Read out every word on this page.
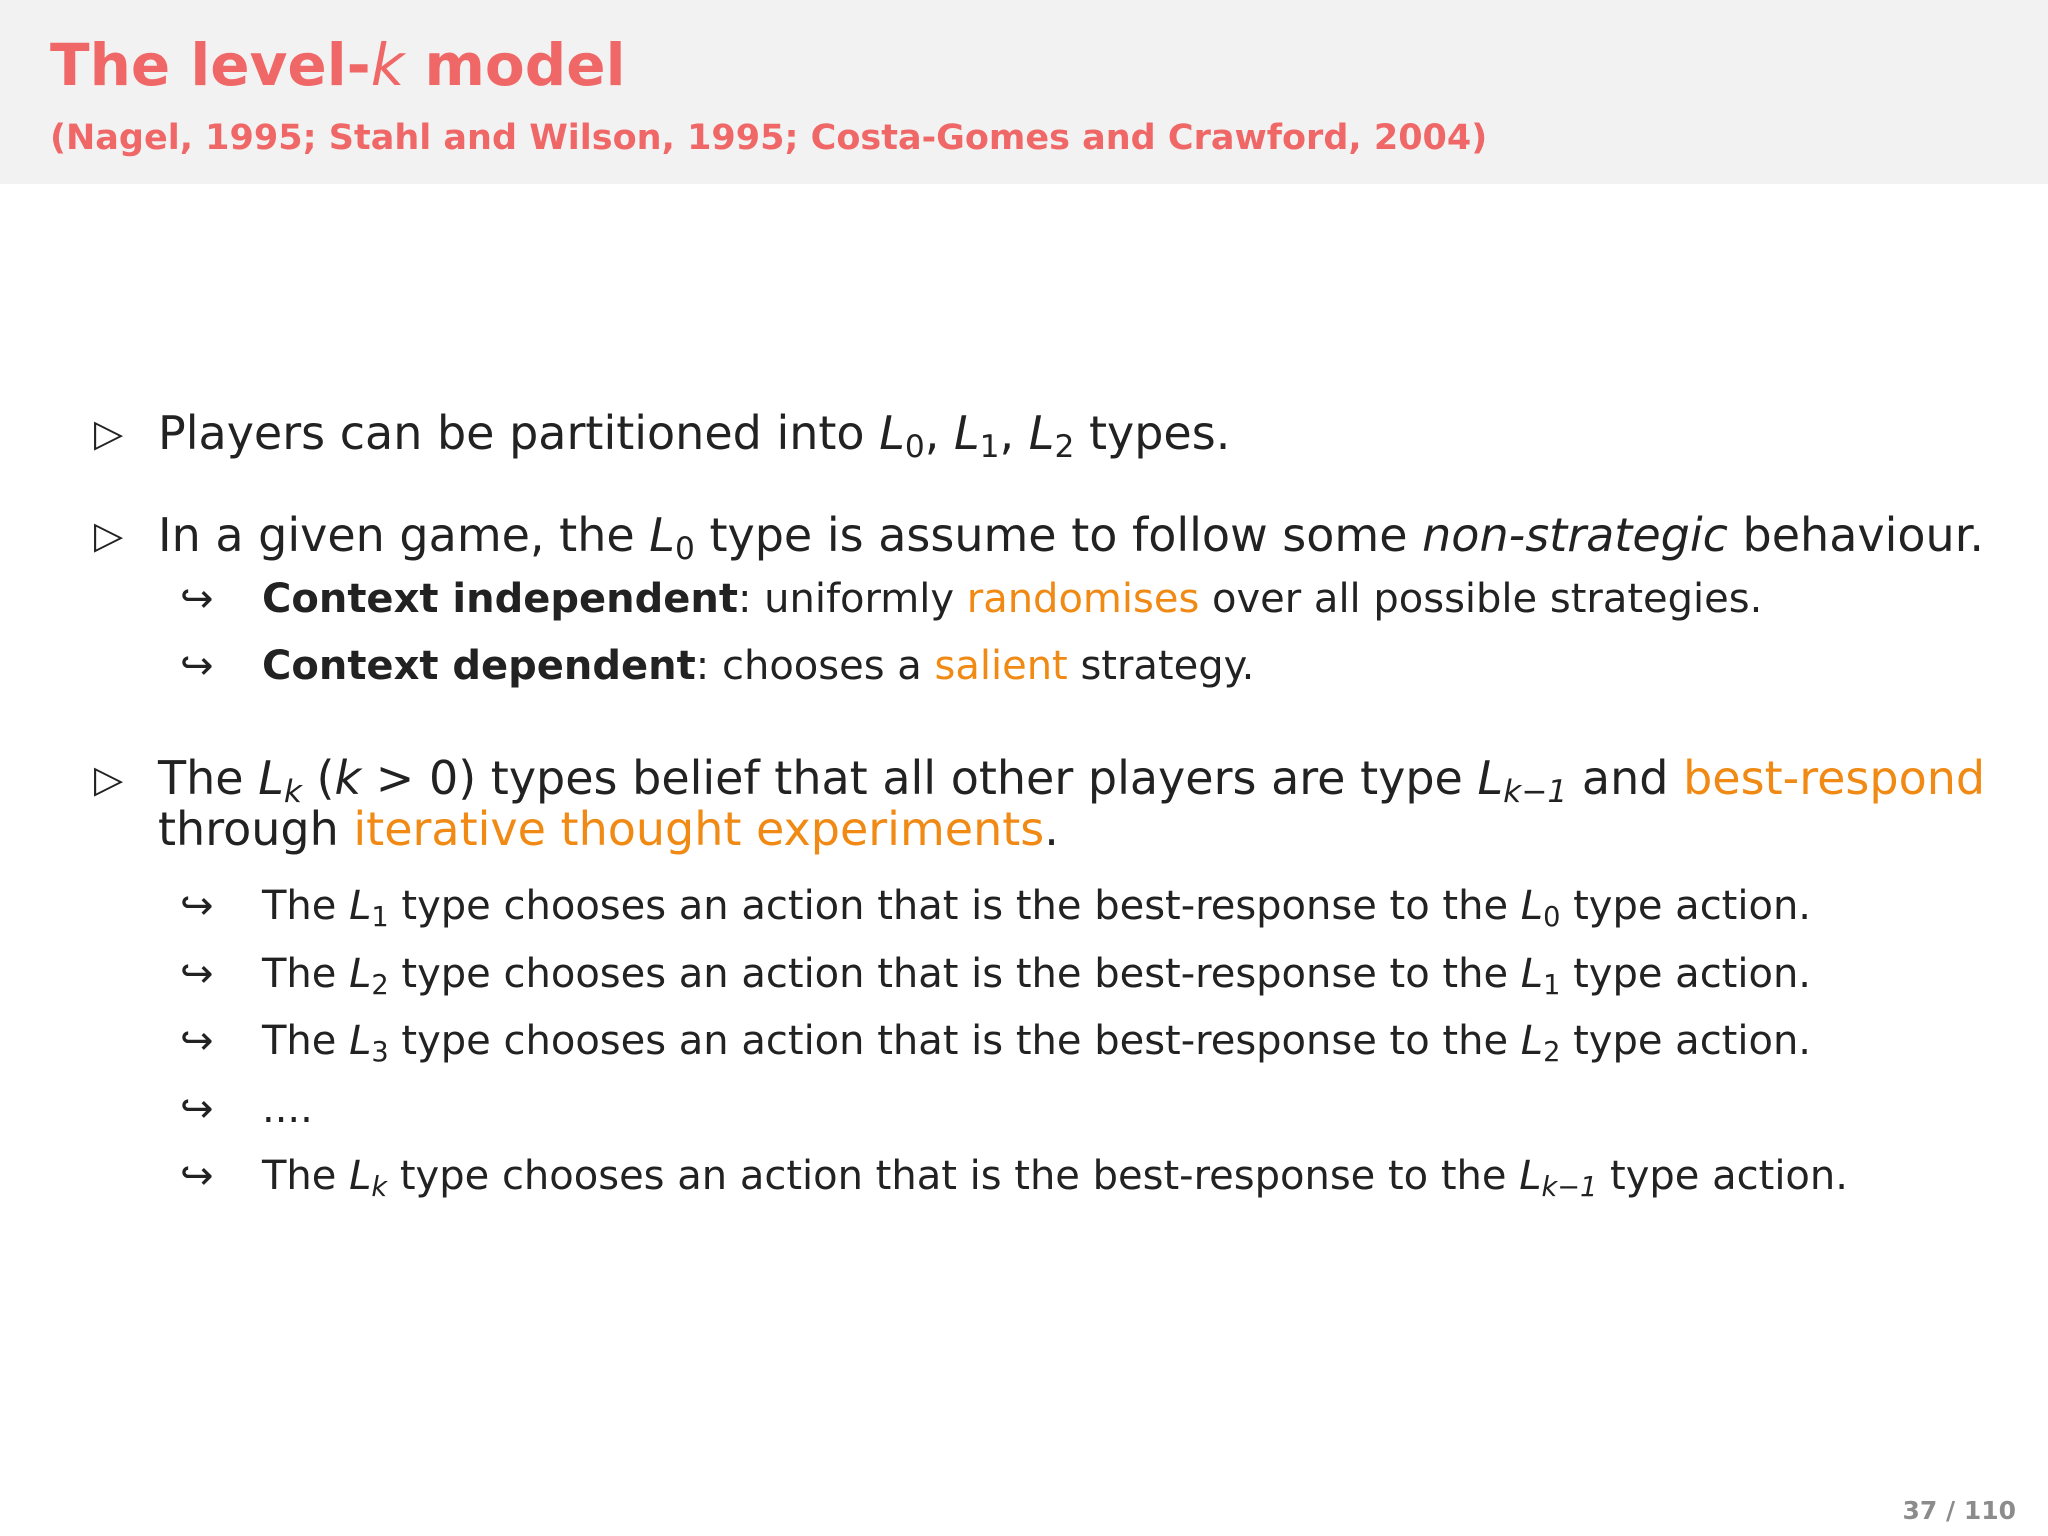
The level-k model
(Nagel, 1995; Stahl and Wilson, 1995; Costa-Gomes and Crawford, 2004)
▷ Players can be partitioned into $L_0$, $L_1$, $L_2$ types.
▷ In a given game, the $L_0$ type is assume to follow some non-strategic behaviour.
↪ Context independent: uniformly randomises over all possible strategies.
↪ Context dependent: chooses a salient strategy.
▷ The $L_k$ (k > 0) types belief that all other players are type $L_{k-1}$ and best-respond
through iterative thought experiments.
↪ The $L_1$ type chooses an action that is the best-response to the $L_0$ type action.
↪ The $L_2$ type chooses an action that is the best-response to the $L_1$ type action.
↪ The $L_3$ type chooses an action that is the best-response to the $L_2$ type action.
↪ ....
↪ The $L_k$ type chooses an action that is the best-response to the $L_{k-1}$ type action.
37 / 110
